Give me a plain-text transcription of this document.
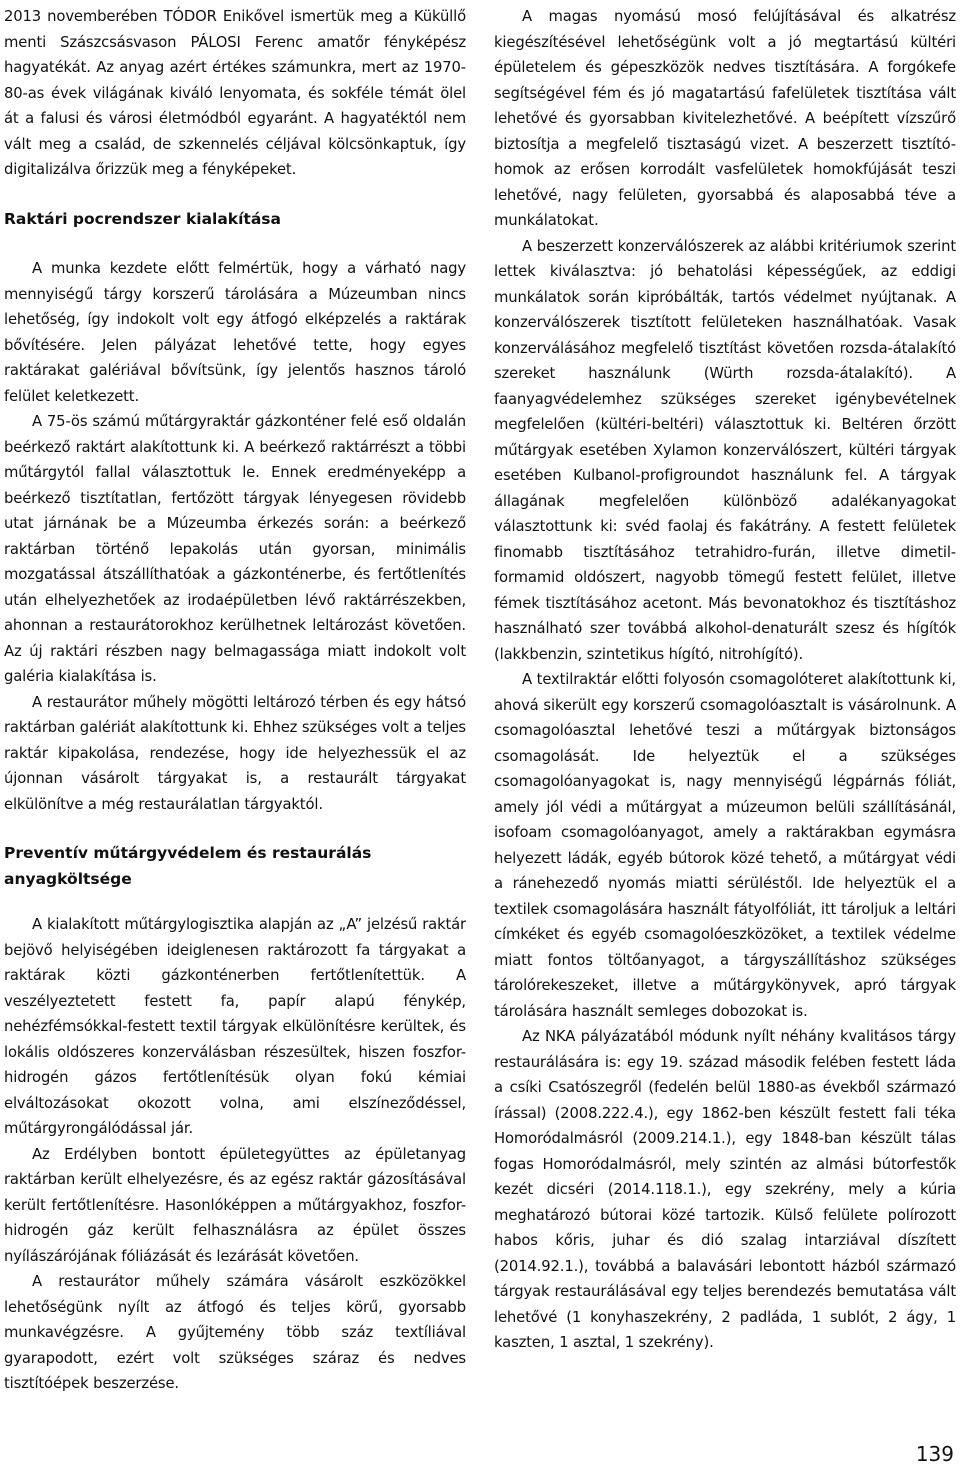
2013 novemberében TÓDOR Enikővel ismertük meg a Küküllő menti Szászcsásvason PÁLOSI Ferenc amatőr fényképész hagyatékát. Az anyag azért értékes számunkra, mert az 1970-80-as évek világának kiváló lenyomata, és sokféle témát ölel át a falusi és városi életmódból egyaránt. A hagyatéktól nem vált meg a család, de szkennelés céljával kölcsönkaptuk, így digitalizálva őrizzük meg a fényképeket.

Raktári pocrendszer kialakítása

A munka kezdete előtt felmértük, hogy a várható nagy mennyiségű tárgy korszerű tárolására a Múzeumban nincs lehetőség, így indokolt volt egy átfogó elképzelés a raktárak bővítésére. Jelen pályázat lehetővé tette, hogy egyes raktárakat galériával bővítsünk, így jelentős hasznos tároló felület keletkezett.

A 75-ös számú műtárgyraktár gázkonténer felé eső oldalán beérkező raktárt alakítottunk ki. A beérkező raktárrészt a többi műtárgytól fallal választottuk le. Ennek eredményeképp a beérkező tisztítatlan, fertőzött tárgyak lényegesen rövidebb utat járnának be a Múzeumba érkezés során: a beérkező raktárban történő lepakolás után gyorsan, minimális mozgatással átszállíthatóak a gázkonténerbe, és fertőtlenítés után elhelyezhetőek az irodaépületben lévő raktárrészekben, ahonnan a restaurátorokhoz kerülhetnek leltározást követően. Az új raktári részben nagy belmagassága miatt indokolt volt galéria kialakítása is.

A restaurátor műhely mögötti leltározó térben és egy hátsó raktárban galériát alakítottunk ki. Ehhez szükséges volt a teljes raktár kipakolása, rendezése, hogy ide helyezhessük el az újonnan vásárolt tárgyakat is, a restaurált tárgyakat elkülönítve a még restaurálatlan tárgyaktól.

Preventív műtárgyvédelem és restaurálás anyagköltsége

A kialakított műtárgylogisztika alapján az „A” jelzésű raktár bejövő helyiségében ideiglenesen raktározott fa tárgyakat a raktárak közti gázkonténerben fertőtlenítettük. A veszélyeztetett festett fa, papír alapú fénykép, nehézfémsókkal-festett textil tárgyak elkülönítésre kerültek, és lokális oldószeres konzerválásban részesültek, hiszen foszfor-hidrogén gázos fertőtlenítésük olyan fokú kémiai elváltozásokat okozott volna, ami elszíneződéssel, műtárgyrongálódással jár.

Az Erdélyben bontott épületegyüttes az épületanyag raktárban került elhelyezésre, és az egész raktár gázosításával került fertőtlenítésre. Hasonlóképpen a műtárgyakhoz, foszfor-hidrogén gáz került felhasználásra az épület összes nyílászárójának fóliázását és lezárását követően.

A restaurátor műhely számára vásárolt eszközökkel lehetőségünk nyílt az átfogó és teljes körű, gyorsabb munkavégzésre. A gyűjtemény több száz textíliával gyarapodott, ezért volt szükséges száraz és nedves tisztítóépek beszerzése.

A magas nyomású mosó felújításával és alkatrész kiegészítésével lehetőségünk volt a jó megtartású kültéri épületelem és gépeszközök nedves tisztítására. A forgókefe segítségével fém és jó magatartású fafelületek tisztítása vált lehetővé és gyorsabban kivitelezhetővé. A beépített vízszűrő biztosítja a megfelelő tisztaságú vizet. A beszerzett tisztító-homok az erősen korrodált vasfelületek homokfújását teszi lehetővé, nagy felületen, gyorsabbá és alaposabbá téve a munkálatokat.

A beszerzett konzerválószerek az alábbi kritériumok szerint lettek kiválasztva: jó behatolási képességűek, az eddigi munkálatok során kipróbálták, tartós védelmet nyújtanak. A konzerválószerek tisztított felületeken használhatóak. Vasak konzerválásához megfelelő tisztítást követően rozsda-átalakító szereket használunk (Würth rozsda-átalakító). A faanyagvédelemhez szükséges szereket igénybevételnek megfelelően (kültéri-beltéri) választottuk ki. Beltéren őrzött műtárgyak esetében Xylamon konzerválószert, kültéri tárgyak esetében Kulbanol-profigroundot használunk fel. A tárgyak állagának megfelelően különböző adalékanyagokat választottunk ki: svéd faolaj és fakátrány. A festett felületek finomabb tisztításához tetrahidro-furán, illetve dimetil-formamid oldószert, nagyobb tömegű festett felület, illetve fémek tisztításához acetont. Más bevonatokhoz és tisztításhoz használható szer továbbá alkohol-denaturált szesz és hígítók (lakkbenzin, szintetikus hígító, nitrohígító).

A textilraktár előtti folyosón csomagolóteret alakítottunk ki, ahová sikerült egy korszerű csomagolóasztalt is vásárolnunk. A csomagolóasztal lehetővé teszi a műtárgyak biztonságos csomagolását. Ide helyeztük el a szükséges csomagolóanyagokat is, nagy mennyiségű légpárnás fóliát, amely jól védi a műtárgyat a múzeumon belüli szállításánál, isofoam csomagolóanyagot, amely a raktárakban egymásra helyezett ládák, egyéb bútorok közé tehető, a műtárgyat védi a ránehezedő nyomás miatti sérüléstől. Ide helyeztük el a textilek csomagolására használt fátyolfóliát, itt tároljuk a leltári címkéket és egyéb csomagolóeszközöket, a textilek védelme miatt fontos töltőanyagot, a tárgyszállításhoz szükséges tárolórekeszeket, illetve a műtárgykönyvek, apró tárgyak tárolására használt semleges dobozokat is.

Az NKA pályázatából módunk nyílt néhány kvalitásos tárgy restaurálására is: egy 19. század második felében festett láda a csíki Csatószegről (fedelén belül 1880-as évekből származó írással) (2008.222.4.), egy 1862-ben készült festett fali téka Homoródalmásról (2009.214.1.), egy 1848-ban készült tálas fogas Homoródalmásról, mely szintén az almási bútorfestők kezét dicséri (2014.118.1.), egy szekrény, mely a kúria meghatározó bútorai közé tartozik. Külső felülete polírozott habos kőris, juhar és dió szalag intarziával díszített (2014.92.1.), továbbá a balavásári lebontott házból származó tárgyak restaurálásával egy teljes berendezés bemutatása vált lehetővé (1 konyhaszekrény, 2 padláda, 1 sublót, 2 ágy, 1 kaszten, 1 asztal, 1 szekrény).

139
